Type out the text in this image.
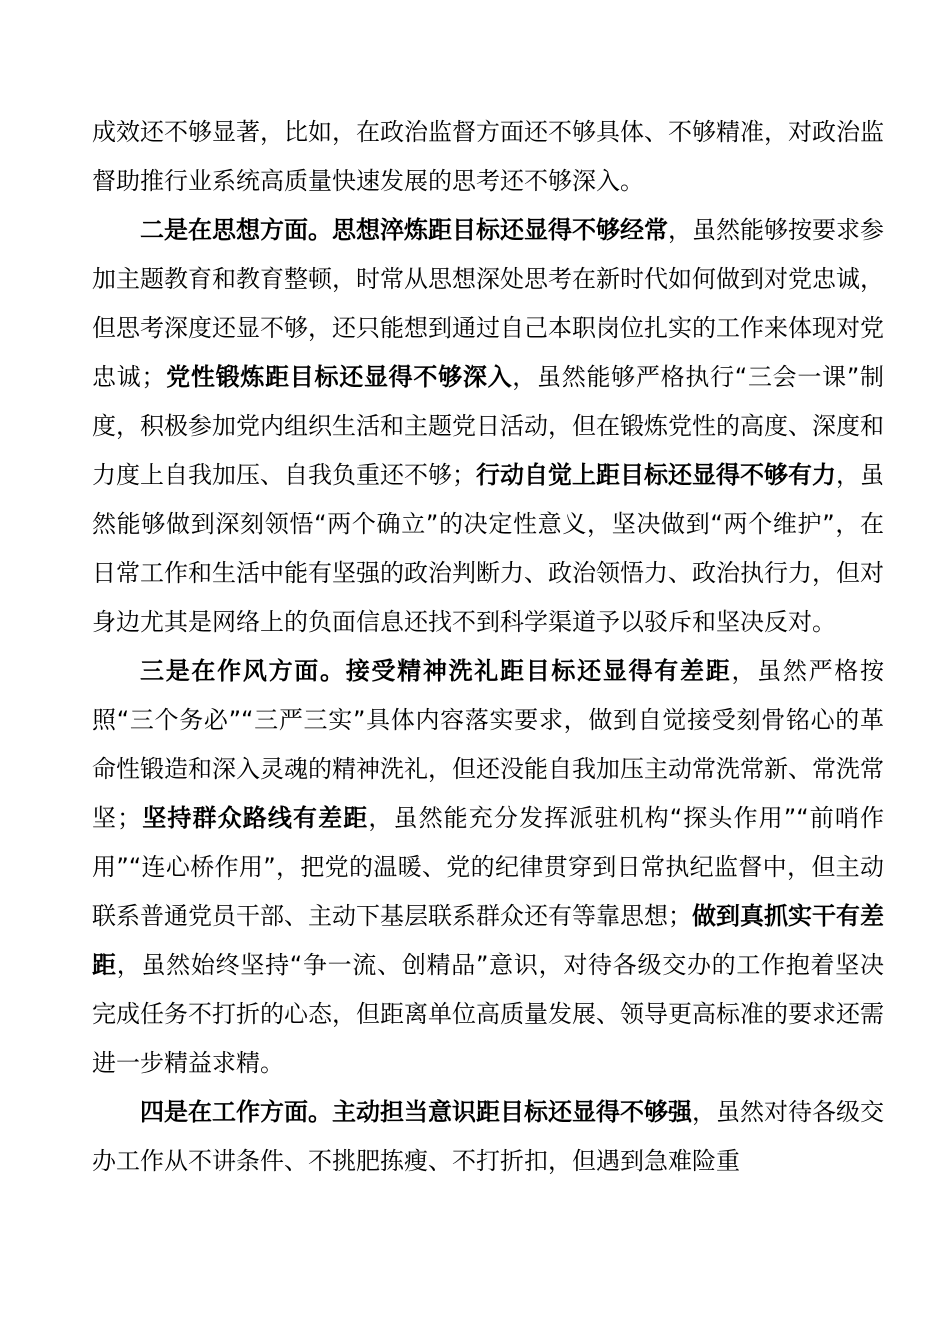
成效还不够显著，比如，在政治监督方面还不够具体、不够精准，对政治监督助推行业系统高质量快速发展的思考还不够深入。

二是在思想方面。思想淬炼距目标还显得不够经常，虽然能够按要求参加主题教育和教育整顿，时常从思想深处思考在新时代如何做到对党忠诚，但思考深度还显不够，还只能想到通过自己本职岗位扎实的工作来体现对党忠诚；党性锻炼距目标还显得不够深入，虽然能够严格执行“三会一课”制度，积极参加党内组织生活和主题党日活动，但在锻炼党性的高度、深度和力度上自我加压、自我负重还不够；行动自觉上距目标还显得不够有力，虽然能够做到深刻领悟“两个确立”的决定性意义，坚决做到“两个维护”，在日常工作和生活中能有坚强的政治判断力、政治领悟力、政治执行力，但对身边尤其是网络上的负面信息还找不到科学渠道予以驳斥和坚决反对。

三是在作风方面。接受精神洗礼距目标还显得有差距，虽然严格按照“三个务必”“三严三实”具体内容落实要求，做到自觉接受刻骨铭心的革命性锻造和深入灵魂的精神洗礼，但还没能自我加压主动常洗常新、常洗常坚；坚持群众路线有差距，虽然能充分发挥派驻机构“探头作用”“前哨作用”“连心桥作用”，把党的温暖、党的纪律贯穿到日常执纪监督中，但主动联系普通党员干部、主动下基层联系群众还有等靠思想；做到真抓实干有差距，虽然始终坚持“争一流、创精品”意识，对待各级交办的工作抱着坚决完成任务不打折的心态，但距离单位高质量发展、领导更高标准的要求还需进一步精益求精。

四是在工作方面。主动担当意识距目标还显得不够强，虽然对待各级交办工作从不讲条件、不挑肥拣瘦、不打折扣，但遇到急难险重
